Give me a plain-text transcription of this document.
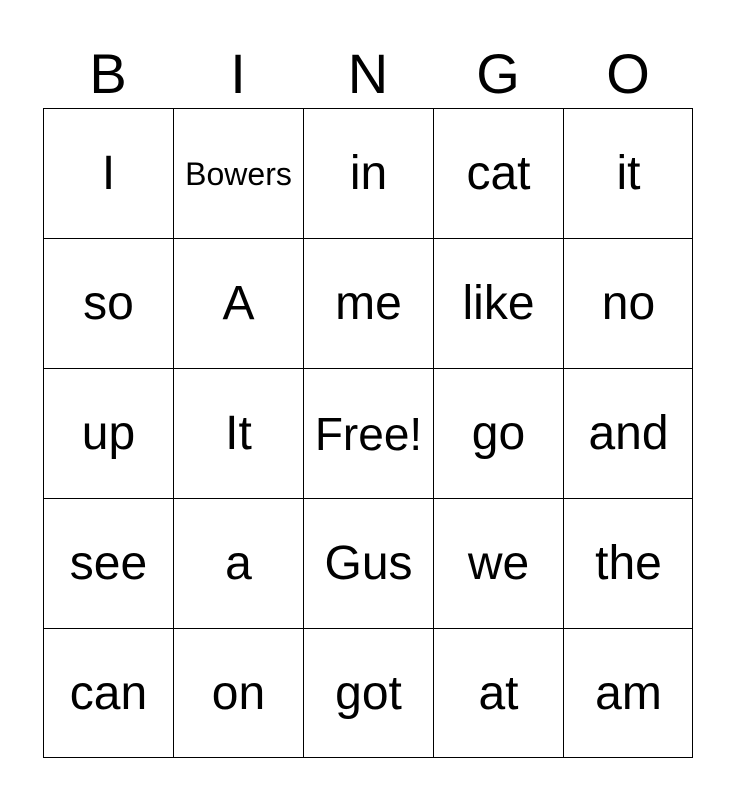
B	I	N	G	O
I	Bowers	in	cat	it
so	A	me	like	no
up	It	Free!	go	and
see	a	Gus	we	the
can	on	got	at	am
